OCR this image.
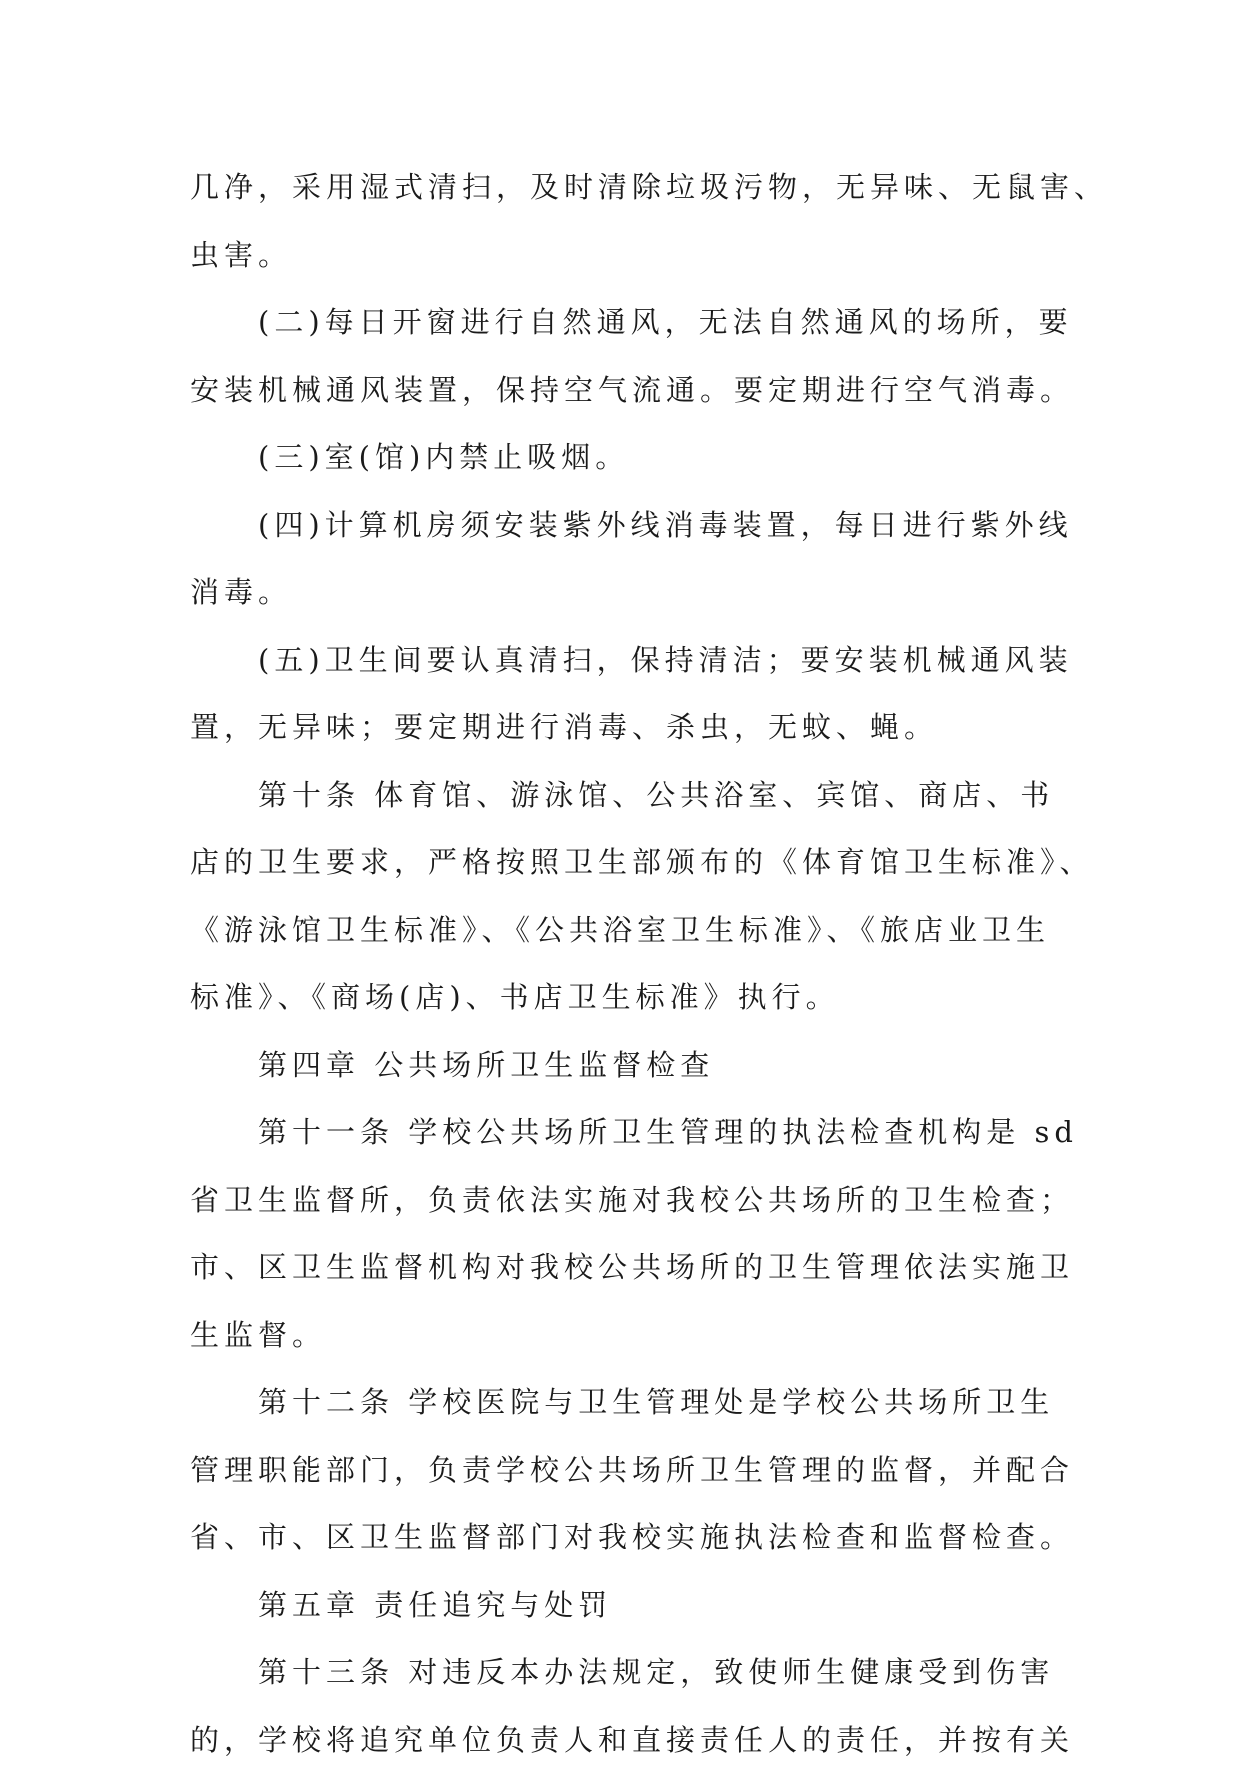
几净，采用湿式清扫，及时清除垃圾污物，无异味、无鼠害、

虫害。

(二)每日开窗进行自然通风，无法自然通风的场所，要

安装机械通风装置，保持空气流通。要定期进行空气消毒。

(三)室(馆)内禁止吸烟。

(四)计算机房须安装紫外线消毒装置，每日进行紫外线

消毒。

(五)卫生间要认真清扫，保持清洁；要安装机械通风装

置，无异味；要定期进行消毒、杀虫，无蚊、蝇。

第十条 体育馆、游泳馆、公共浴室、宾馆、商店、书

店的卫生要求，严格按照卫生部颁布的《体育馆卫生标准》、

《游泳馆卫生标准》、《公共浴室卫生标准》、《旅店业卫生

标准》、《商场(店)、书店卫生标准》执行。

第四章 公共场所卫生监督检查

第十一条 学校公共场所卫生管理的执法检查机构是 sd

省卫生监督所，负责依法实施对我校公共场所的卫生检查；

市、区卫生监督机构对我校公共场所的卫生管理依法实施卫

生监督。

第十二条 学校医院与卫生管理处是学校公共场所卫生

管理职能部门，负责学校公共场所卫生管理的监督，并配合

省、市、区卫生监督部门对我校实施执法检查和监督检查。

第五章 责任追究与处罚

第十三条 对违反本办法规定，致使师生健康受到伤害

的，学校将追究单位负责人和直接责任人的责任，并按有关
